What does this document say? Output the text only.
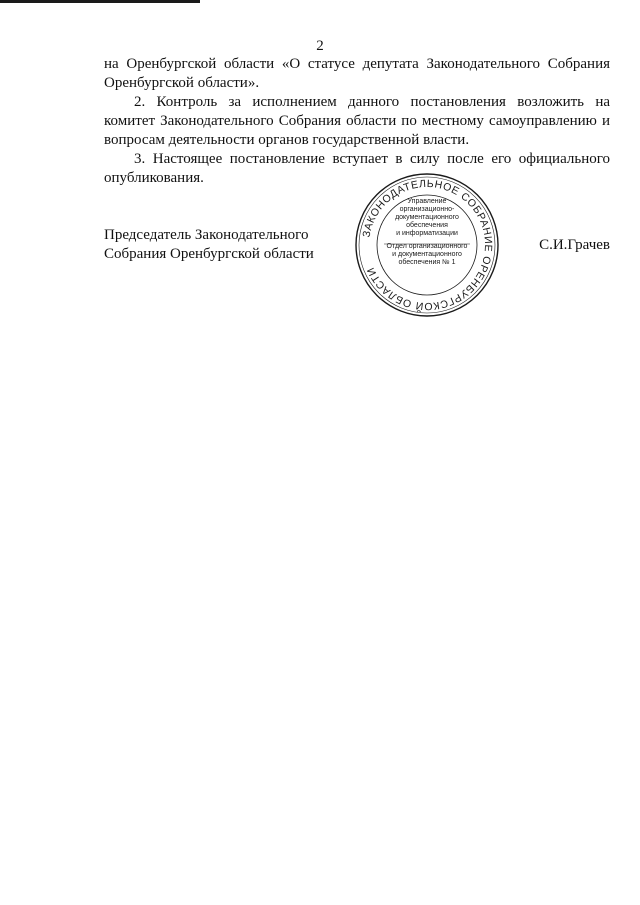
2

на Оренбургской области «О статусе депутата Законодательного Собрания Оренбургской области».

2. Контроль за исполнением данного постановления возложить на комитет Законодательного Собрания области по местному самоуправлению и вопросам деятельности органов государственной власти.

3. Настоящее постановление вступает в силу после его официального опубликования.

Председатель Законодательного
Собрания Оренбургской области
ЗАКОНОДАТЕЛЬНОЕ СОБРАНИЕ ОРЕНБУРГСКОЙ ОБЛАСТИ
Управление
организационно-
документационного
обеспечения
и информатизации
Отдел организационного
и документационного
обеспечения № 1
С.И.Грачев
